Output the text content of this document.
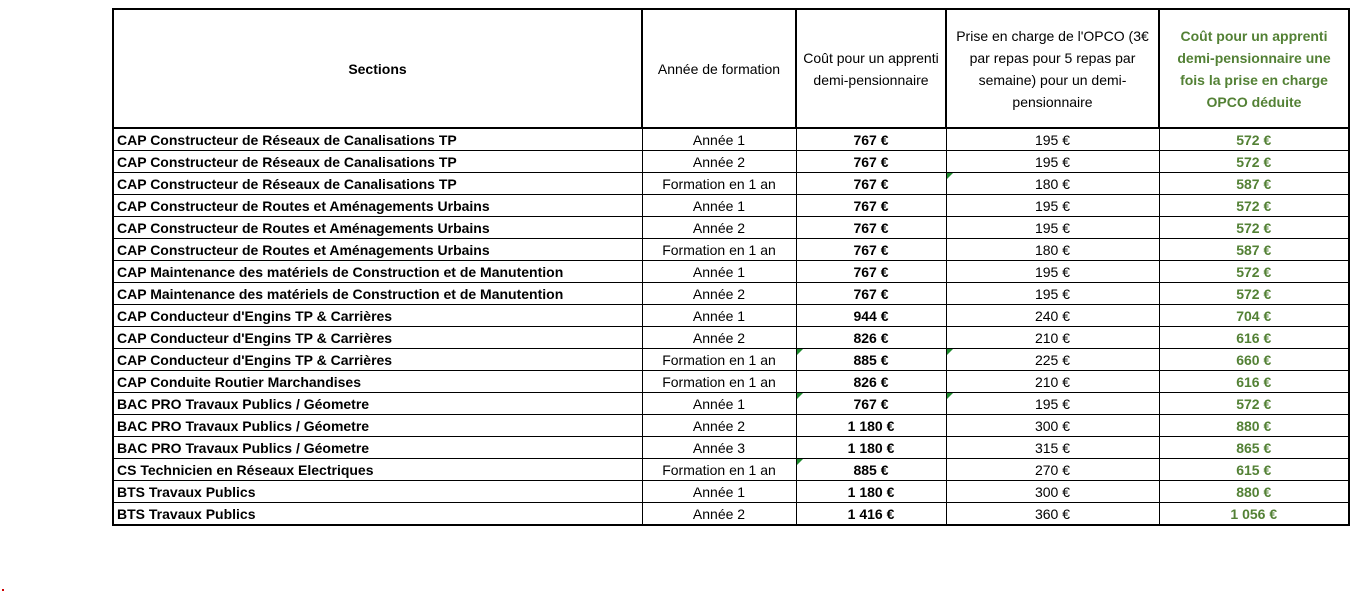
Sections	Année de formation	Coût pour un apprenti demi-pensionnaire	Prise en charge de l'OPCO (3€ par repas pour 5 repas par semaine) pour un demi-pensionnaire	Coût pour un apprenti demi-pensionnaire une fois la prise en charge OPCO déduite
CAP Constructeur de Réseaux de Canalisations TP	Année 1	767 €	195 €	572 €
CAP Constructeur de Réseaux de Canalisations TP	Année 2	767 €	195 €	572 €
CAP Constructeur de Réseaux de Canalisations TP	Formation en 1 an	767 €	180 €	587 €
CAP Constructeur de Routes et Aménagements Urbains	Année 1	767 €	195 €	572 €
CAP Constructeur de Routes et Aménagements Urbains	Année 2	767 €	195 €	572 €
CAP Constructeur de Routes et Aménagements Urbains	Formation en 1 an	767 €	180 €	587 €
CAP Maintenance des matériels de Construction et de Manutention	Année 1	767 €	195 €	572 €
CAP Maintenance des matériels de Construction et de Manutention	Année 2	767 €	195 €	572 €
CAP Conducteur d'Engins TP & Carrières	Année 1	944 €	240 €	704 €
CAP Conducteur d'Engins TP & Carrières	Année 2	826 €	210 €	616 €
CAP Conducteur d'Engins TP & Carrières	Formation en 1 an	885 €	225 €	660 €
CAP Conduite Routier Marchandises	Formation en 1 an	826 €	210 €	616 €
BAC PRO Travaux Publics / Géometre	Année 1	767 €	195 €	572 €
BAC PRO Travaux Publics / Géometre	Année 2	1 180 €	300 €	880 €
BAC PRO Travaux Publics / Géometre	Année 3	1 180 €	315 €	865 €
CS Technicien en Réseaux Electriques	Formation en 1 an	885 €	270 €	615 €
BTS Travaux Publics	Année 1	1 180 €	300 €	880 €
BTS Travaux Publics	Année 2	1 416 €	360 €	1 056 €
